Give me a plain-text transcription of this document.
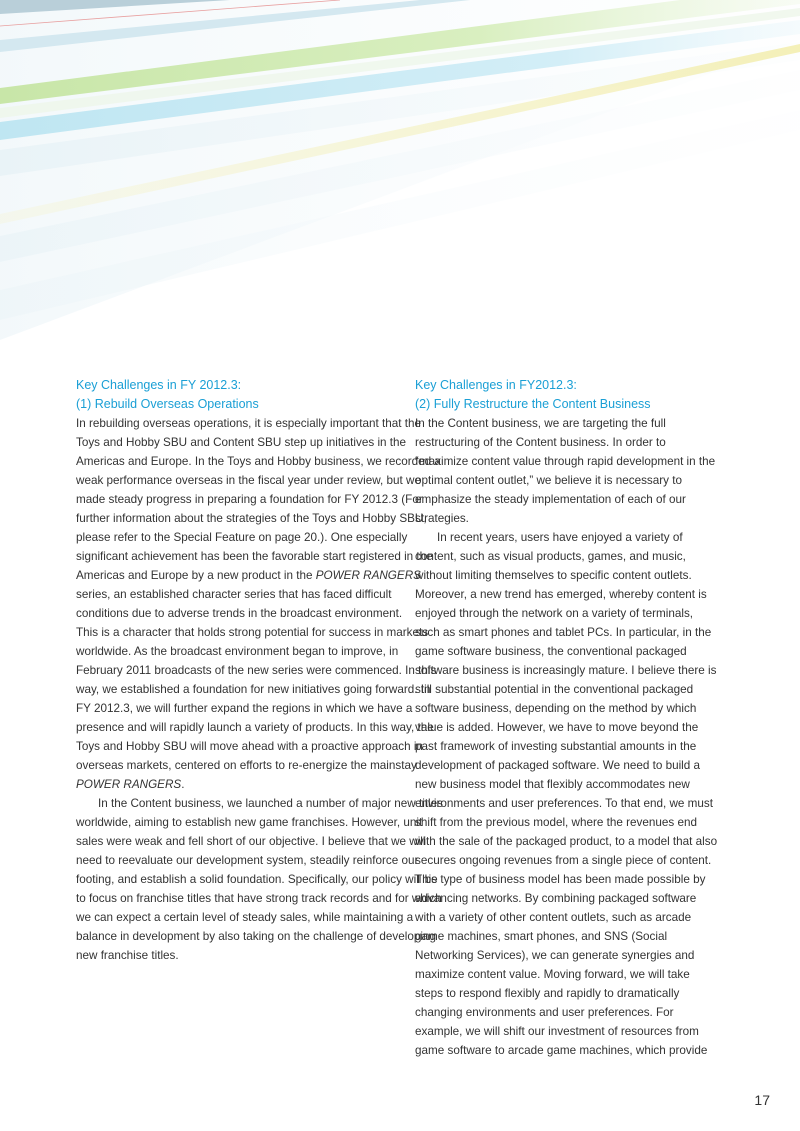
Key Challenges in FY 2012.3:
(1) Rebuild Overseas Operations

In rebuilding overseas operations, it is especially important that the Toys and Hobby SBU and Content SBU step up initiatives in the Americas and Europe. In the Toys and Hobby business, we recorded a weak performance overseas in the fiscal year under review, but we made steady progress in preparing a foundation for FY 2012.3 (For further information about the strategies of the Toys and Hobby SBU, please refer to the Special Feature on page 20.). One especially significant achievement has been the favorable start registered in the Americas and Europe by a new product in the POWER RANGERS series, an established character series that has faced difficult conditions due to adverse trends in the broadcast environment.

This is a character that holds strong potential for success in markets worldwide. As the broadcast environment began to improve, in February 2011 broadcasts of the new series were commenced. In this way, we established a foundation for new initiatives going forward. In FY 2012.3, we will further expand the regions in which we have a presence and will rapidly launch a variety of products. In this way, the Toys and Hobby SBU will move ahead with a proactive approach in overseas markets, centered on efforts to re-energize the mainstay POWER RANGERS.

In the Content business, we launched a number of major new titles worldwide, aiming to establish new game franchises. However, unit sales were weak and fell short of our objective. I believe that we will need to reevaluate our development system, steadily reinforce our footing, and establish a solid foundation. Specifically, our policy will be to focus on franchise titles that have strong track records and for which we can expect a certain level of steady sales, while maintaining a balance in development by also taking on the challenge of developing new franchise titles.

Key Challenges in FY2012.3:
(2) Fully Restructure the Content Business

In the Content business, we are targeting the full restructuring of the Content business. In order to “maximize content value through rapid development in the optimal content outlet,” we believe it is necessary to emphasize the steady implementation of each of our strategies.

In recent years, users have enjoyed a variety of content, such as visual products, games, and music, without limiting themselves to specific content outlets. Moreover, a new trend has emerged, whereby content is enjoyed through the network on a variety of terminals, such as smart phones and tablet PCs. In particular, in the game software business, the conventional packaged software business is increasingly mature. I believe there is still substantial potential in the conventional packaged software business, depending on the method by which value is added. However, we have to move beyond the past framework of investing substantial amounts in the development of packaged software. We need to build a new business model that flexibly accommodates new environments and user preferences. To that end, we must shift from the previous model, where the revenues end with the sale of the packaged product, to a model that also secures ongoing revenues from a single piece of content. This type of business model has been made possible by advancing networks. By combining packaged software with a variety of other content outlets, such as arcade game machines, smart phones, and SNS (Social Networking Services), we can generate synergies and maximize content value. Moving forward, we will take steps to respond flexibly and rapidly to dramatically changing environments and user preferences. For example, we will shift our investment of resources from game software to arcade game machines, which provide

17
